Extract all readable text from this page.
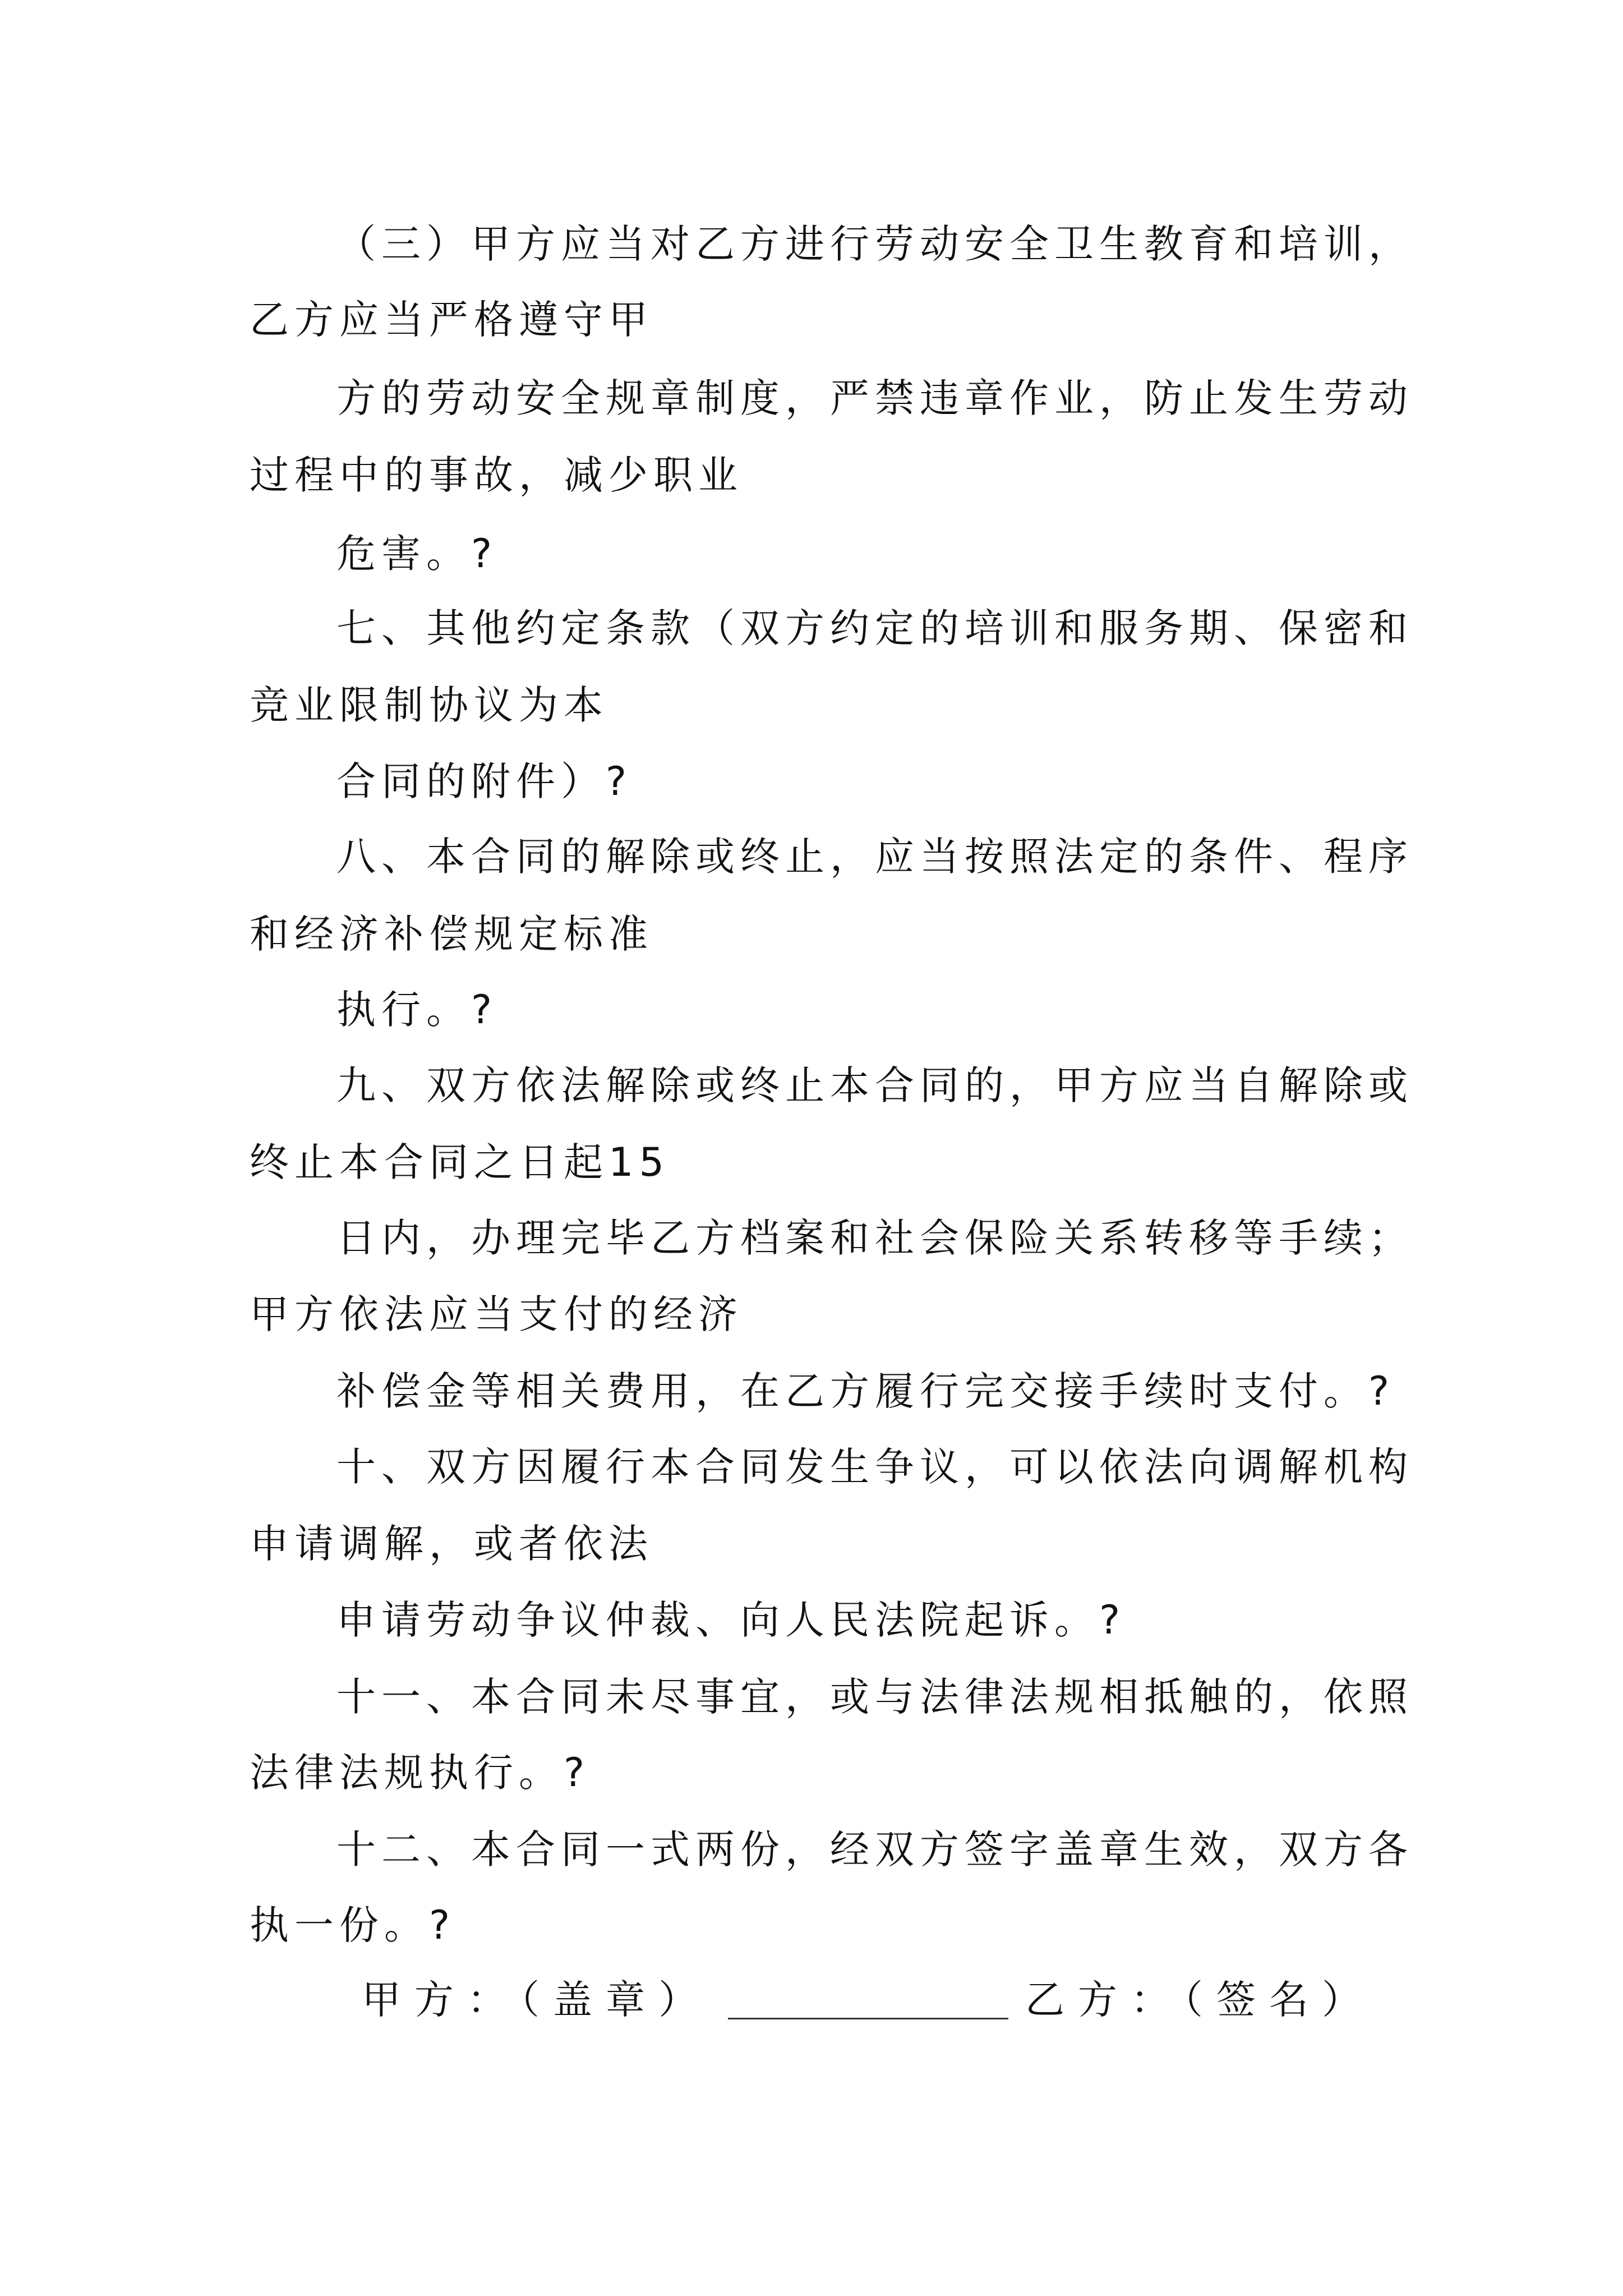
（三）甲方应当对乙方进行劳动安全卫生教育和培训，
乙方应当严格遵守甲
方的劳动安全规章制度，严禁违章作业，防止发生劳动
过程中的事故，减少职业
危害。?
七、其他约定条款（双方约定的培训和服务期、保密和
竞业限制协议为本
合同的附件）?
八、本合同的解除或终止，应当按照法定的条件、程序
和经济补偿规定标准
执行。?
九、双方依法解除或终止本合同的，甲方应当自解除或
终止本合同之日起15
日内，办理完毕乙方档案和社会保险关系转移等手续；
甲方依法应当支付的经济
补偿金等相关费用，在乙方履行完交接手续时支付。?
十、双方因履行本合同发生争议，可以依法向调解机构
申请调解，或者依法
申请劳动争议仲裁、向人民法院起诉。?
十一、本合同未尽事宜，或与法律法规相抵触的，依照
法律法规执行。?
十二、本合同一式两份，经双方签字盖章生效，双方各
执一份。?
甲方：（盖章）	乙方：（签名）
